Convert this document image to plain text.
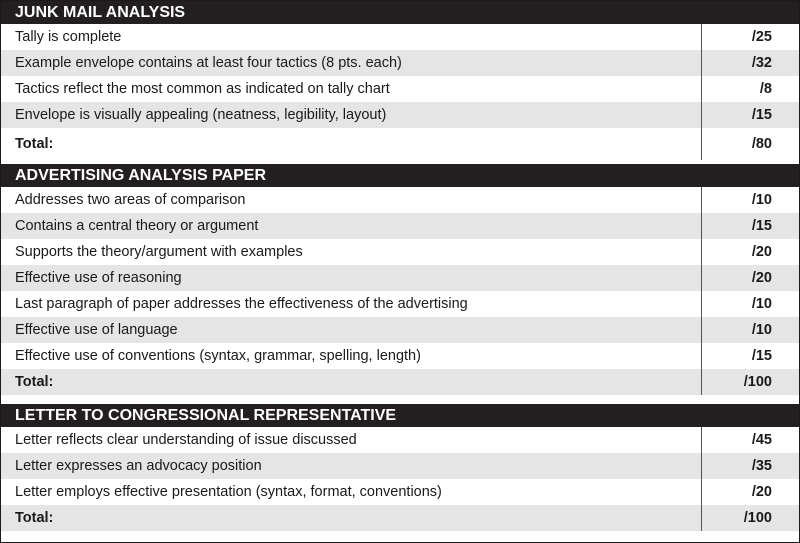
JUNK MAIL ANALYSIS
Tally is complete	/25
Example envelope contains at least four tactics (8 pts. each)	/32
Tactics reflect the most common as indicated on tally chart	/8
Envelope is visually appealing (neatness, legibility, layout)	/15
Total:	/80
ADVERTISING ANALYSIS PAPER
Addresses two areas of comparison	/10
Contains a central theory or argument	/15
Supports the theory/argument with examples	/20
Effective use of reasoning	/20
Last paragraph of paper addresses the effectiveness of the advertising	/10
Effective use of language	/10
Effective use of conventions (syntax, grammar, spelling, length)	/15
Total:	/100
LETTER TO CONGRESSIONAL REPRESENTATIVE
Letter reflects clear understanding of issue discussed	/45
Letter expresses an advocacy position	/35
Letter employs effective presentation (syntax, format, conventions)	/20
Total:	/100
